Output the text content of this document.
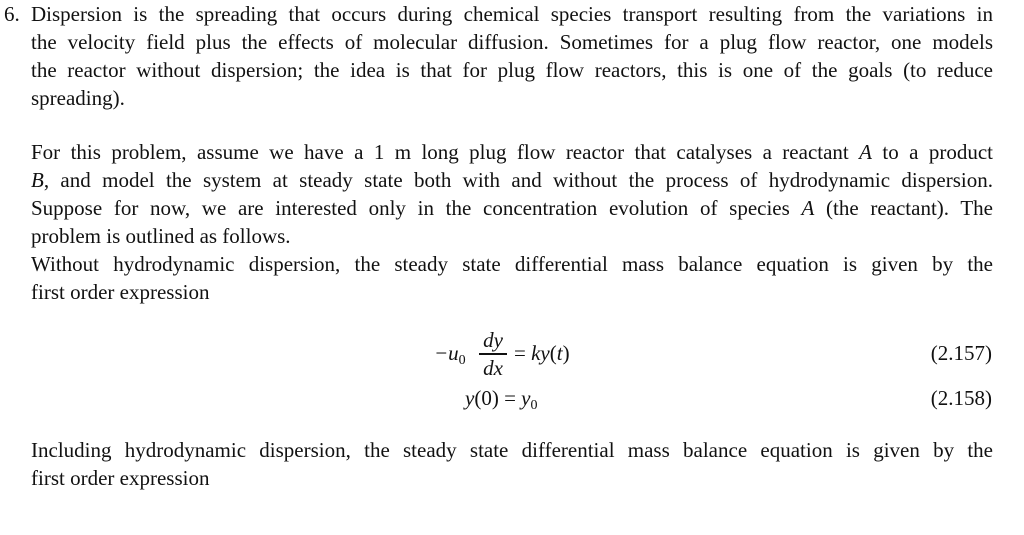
6. Dispersion is the spreading that occurs during chemical species transport resulting from the variations in
the velocity field plus the effects of molecular diffusion. Sometimes for a plug flow reactor, one models
the reactor without dispersion; the idea is that for plug flow reactors, this is one of the goals (to reduce
spreading).
For this problem, assume we have a 1 m long plug flow reactor that catalyses a reactant A to a product
B, and model the system at steady state both with and without the process of hydrodynamic dispersion.
Suppose for now, we are interested only in the concentration evolution of species A (the reactant). The
problem is outlined as follows.
Without hydrodynamic dispersion, the steady state differential mass balance equation is given by the
first order expression
$-u_0$
dy
dx
= ky(t)	(2.157)
$y(0) = y_0$	(2.158)
Including hydrodynamic dispersion, the steady state differential mass balance equation is given by the
first order expression
